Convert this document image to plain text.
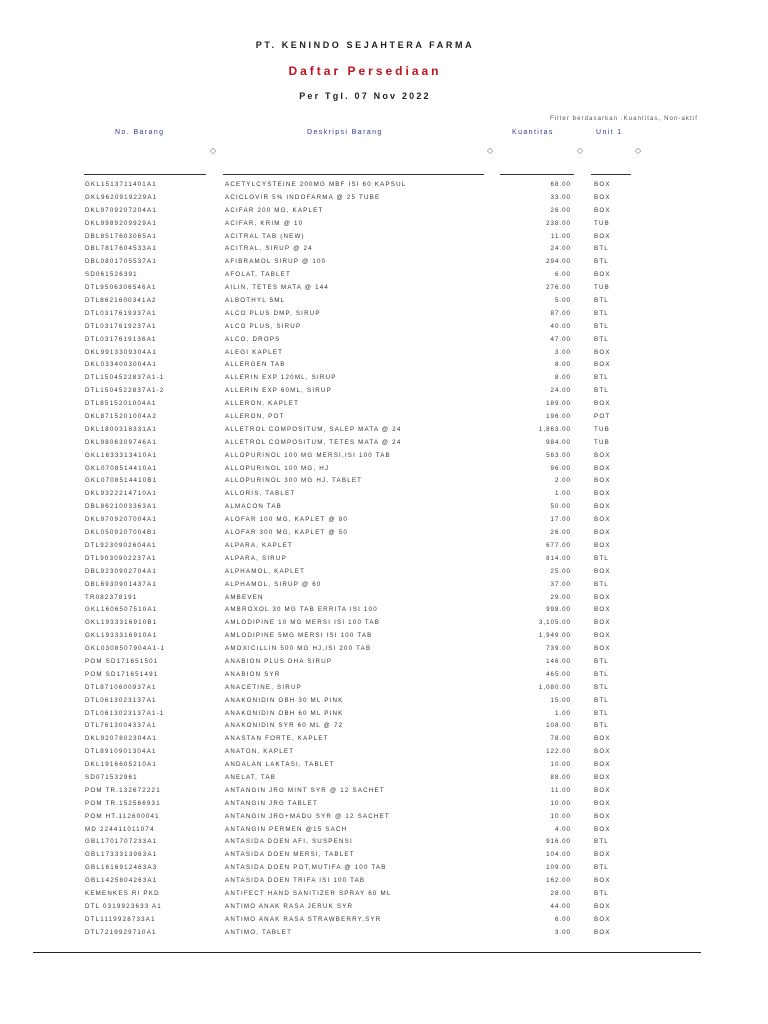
PT. KENINDO SEJAHTERA FARMA
Daftar Persediaan
Per Tgl. 07 Nov 2022
Filter berdasarkan :Kuantitas, Non-aktif
No. Barang	Deskripsi Barang	Kuantitas	Unit 1
◇	◇	◇	◇
GKL1513711401A1	ACETYLCYSTEINE 200MG MBF ISI 60 KAPSUL	68.00	BOX
GKL9620919229A1	ACICLOVIR 5% INDOFARMA @ 25 TUBE	33.00	BOX
DKL9709207204A1	ACIFAR 200 MG, KAPLET	26.00	BOX
DKL9989209929A1	ACIFAR, KRIM @ 10	238.00	TUB
DBL8517603065A1	ACITRAL TAB (NEW)	11.00	BOX
DBL7817604533A1	ACITRAL, SIRUP @ 24	24.00	BTL
DBL0801705537A1	AFIBRAMOL SIRUP @ 100	294.00	BTL
SD061526391	AFOLAT, TABLET	6.00	BOX
DTL9506306546A1	AILIN, TETES MATA @ 144	276.00	TUB
DTL8621600341A2	ALBOTHYL 5ML	5.00	BTL
DTL0317619337A1	ALCO PLUS DMP, SIRUP	87.00	BTL
DTL0317619237A1	ALCO PLUS, SIRUP	40.00	BTL
DTL0317619136A1	ALCO, DROPS	47.00	BTL
DKL9913309304A1	ALEGI KAPLET	3.00	BOX
DKL0334003004A1	ALLERGEN TAB	8.00	BOX
DTL1504522837A1-1	ALLERIN EXP 120ML, SIRUP	8.00	BTL
DTL1504522837A1-2	ALLERIN EXP 60ML, SIRUP	24.00	BTL
DTL8515201004A1	ALLERON, KAPLET	189.00	BOX
DKL8715201004A2	ALLERON, POT	196.00	POT
DKL1800318331A1	ALLETROL COMPOSITUM, SALEP MATA @ 24	1,863.00	TUB
DKL9806309746A1	ALLETROL COMPOSITUM, TETES MATA @ 24	984.00	TUB
GKL1633313410A1	ALLOPURINOL 100 MG MERSI,ISI 100 TAB	563.00	BOX
GKL0708514410A1	ALLOPURINOL 100 MG, HJ	96.00	BOX
GKL0708514410B1	ALLOPURINOL 300 MG HJ, TABLET	2.00	BOX
DKL9322214710A1	ALLORIS, TABLET	1.00	BOX
DBL8621003363A1	ALMACON TAB	50.00	BOX
DKL9709207004A1	ALOFAR 100 MG, KAPLET @ 80	17.00	BOX
DKL0509207004B1	ALOFAR 300 MG, KAPLET @ 50	26.00	BOX
DTL9230902604A1	ALPARA, KAPLET	677.00	BOX
DTL9030902237A1	ALPARA, SIRUP	814.00	BTL
DBL9230902704A1	ALPHAMOL, KAPLET	25.00	BOX
DBL6930901437A1	ALPHAMOL, SIRUP @ 60	37.00	BTL
TR082378191	AMBEVEN	29.00	BOX
GKL1606507510A1	AMBROXOL 30 MG TAB ERRITA ISI 100	998.00	BOX
GKL1933316910B1	AMLODIPINE 10 MG MERSI ISI 100 TAB	3,105.00	BOX
GKL1933316910A1	AMLODIPINE 5MG MERSI ISI 100 TAB	1,949.00	BOX
GKL0308507904A1-1	AMOXICILLIN 500 MG HJ,ISI 200 TAB	739.00	BOX
POM SD171651501	ANABION PLUS DHA SIRUP	146.00	BTL
POM SD171651491	ANABION SYR	465.00	BTL
DTL8710600937A1	ANACETINE, SIRUP	1,080.00	BTL
DTL0613023137A1	ANAKONIDIN OBH 30 ML PINK	15.00	BTL
DTL0613023137A1-1	ANAKONIDIN OBH 60 ML PINK	1.00	BTL
DTL7613004337A1	ANAKONIDIN SYR 60 ML @ 72	108.00	BTL
DKL9207802304A1	ANASTAN FORTE, KAPLET	78.00	BOX
DTL8910901304A1	ANATON, KAPLET	122.00	BOX
DKL1916605210A1	ANDALAN LAKTASI, TABLET	10.00	BOX
SD071532961	ANELAT, TAB	88.00	BOX
POM TR.132672221	ANTANGIN JRG MINT SYR @ 12 SACHET	11.00	BOX
POM TR.152566931	ANTANGIN JRG TABLET	10.00	BOX
POM HT.112600041	ANTANGIN JRG+MADU SYR @ 12 SACHET	10.00	BOX
MD 224411011074	ANTANGIN PERMEN @15 SACH	4.00	BOX
GBL1701707233A1	ANTASIDA DOEN AFI, SUSPENSI	916.00	BTL
GBL1733313963A1	ANTASIDA DOEN MERSI, TABLET	104.00	BOX
GBL1616912463A3	ANTASIDA DOEN POT,MUTIFA @ 100 TAB	109.00	BTL
GBL1425804263A1	ANTASIDA DOEN TRIFA ISI 100 TAB	162.00	BOX
KEMENKES RI PKD	ANTIFECT HAND SANITIZER SPRAY 60 ML	28.00	BTL
DTL 0319923633 A1	ANTIMO ANAK RASA JERUK SYR	44.00	BOX
DTL1119928733A1	ANTIMO ANAK RASA STRAWBERRY,SYR	6.00	BOX
DTL7219929710A1	ANTIMO, TABLET	3.00	BOX
